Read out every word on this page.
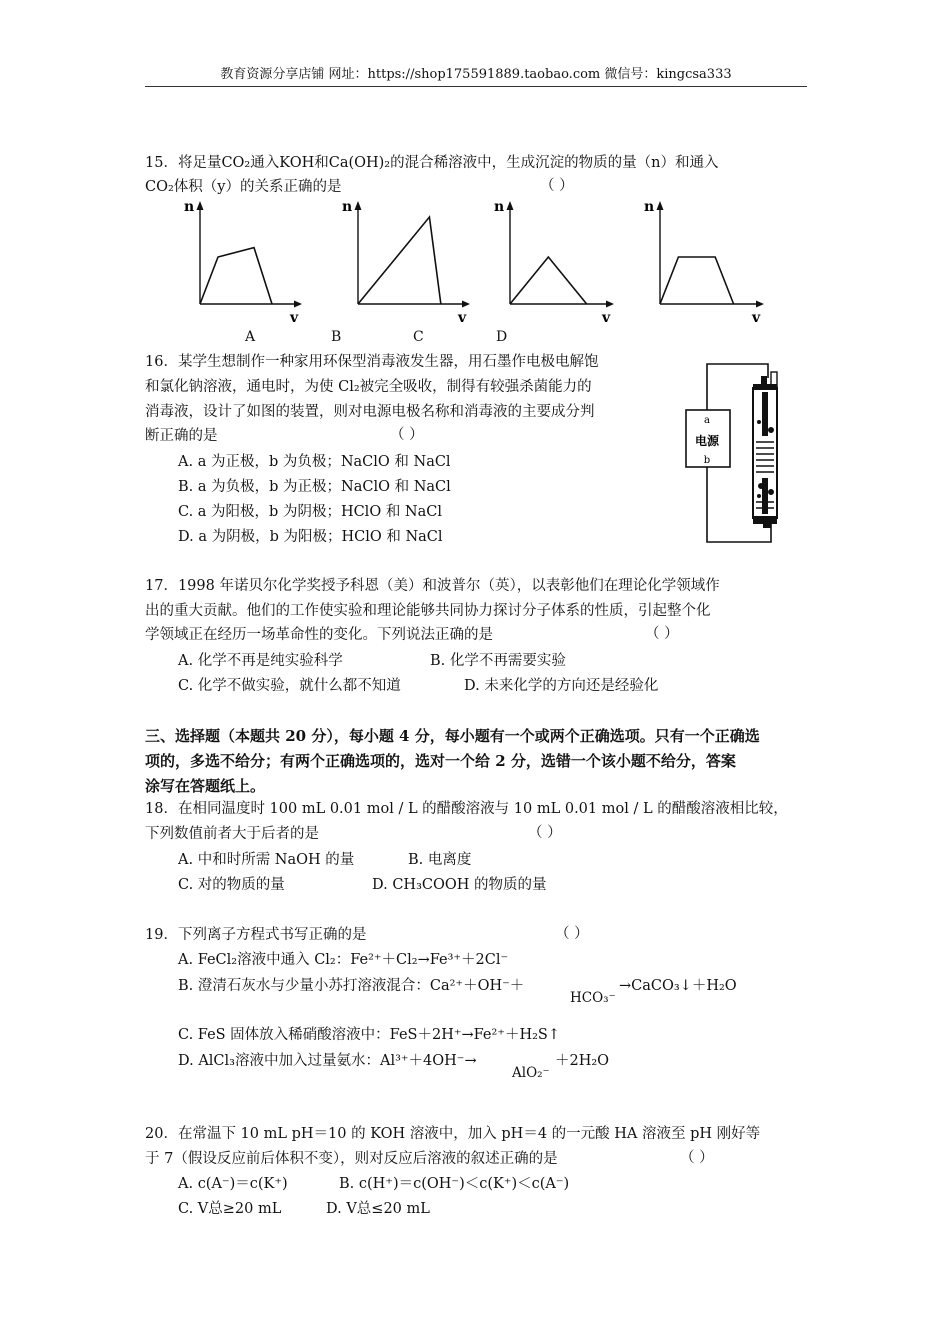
教育资源分享店铺 网址：https://shop175591889.taobao.com 微信号：kingcsa333
15．将足量CO₂通入KOH和Ca(OH)₂的混合稀溶液中，生成沉淀的物质的量（n）和通入
CO₂体积（y）的关系正确的是	（ ）
n
v
n
v
n
v
n
v
A	B	C	D
16．某学生想制作一种家用环保型消毒液发生器，用石墨作电极电解饱
和氯化钠溶液，通电时，为使 Cl₂被完全吸收，制得有较强杀菌能力的
消毒液，设计了如图的装置，则对电源电极名称和消毒液的主要成分判
断正确的是	（ ）
A. a 为正极，b 为负极；NaClO 和 NaCl
B. a 为负极，b 为正极；NaClO 和 NaCl
C. a 为阳极，b 为阴极；HClO 和 NaCl
D. a 为阴极，b 为阳极；HClO 和 NaCl
a
电源
b
17．1998 年诺贝尔化学奖授予科恩（美）和波普尔（英），以表彰他们在理论化学领域作
出的重大贡献。他们的工作使实验和理论能够共同协力探讨分子体系的性质，引起整个化
学领域正在经历一场革命性的变化。下列说法正确的是	（ ）
A. 化学不再是纯实验科学	B. 化学不再需要实验
C. 化学不做实验，就什么都不知道	D. 未来化学的方向还是经验化
三、选择题（本题共 20 分），每小题 4 分，每小题有一个或两个正确选项。只有一个正确选
项的，多选不给分；有两个正确选项的，选对一个给 2 分，选错一个该小题不给分，答案
涂写在答题纸上。
18．在相同温度时 100 mL 0.01 mol / L 的醋酸溶液与 10 mL 0.01 mol / L 的醋酸溶液相比较，
下列数值前者大于后者的是	（ ）
A. 中和时所需 NaOH 的量	B. 电离度
C. 对的物质的量	D. CH₃COOH 的物质的量
19．下列离子方程式书写正确的是	（ ）
A. FeCl₂溶液中通入 Cl₂：Fe²⁺＋Cl₂→Fe³⁺＋2Cl⁻
B. 澄清石灰水与少量小苏打溶液混合：Ca²⁺＋OH⁻＋
HCO₃⁻
→CaCO₃↓＋H₂O
C. FeS 固体放入稀硝酸溶液中：FeS＋2H⁺→Fe²⁺＋H₂S↑
D. AlCl₃溶液中加入过量氨水：Al³⁺＋4OH⁻→
AlO₂⁻
＋2H₂O
20．在常温下 10 mL pH＝10 的 KOH 溶液中，加入 pH＝4 的一元酸 HA 溶液至 pH 刚好等
于 7（假设反应前后体积不变），则对反应后溶液的叙述正确的是	（ ）
A. c(A⁻)＝c(K⁺)	B. c(H⁺)＝c(OH⁻)＜c(K⁺)＜c(A⁻)
C. V总≥20 mL	D. V总≤20 mL
